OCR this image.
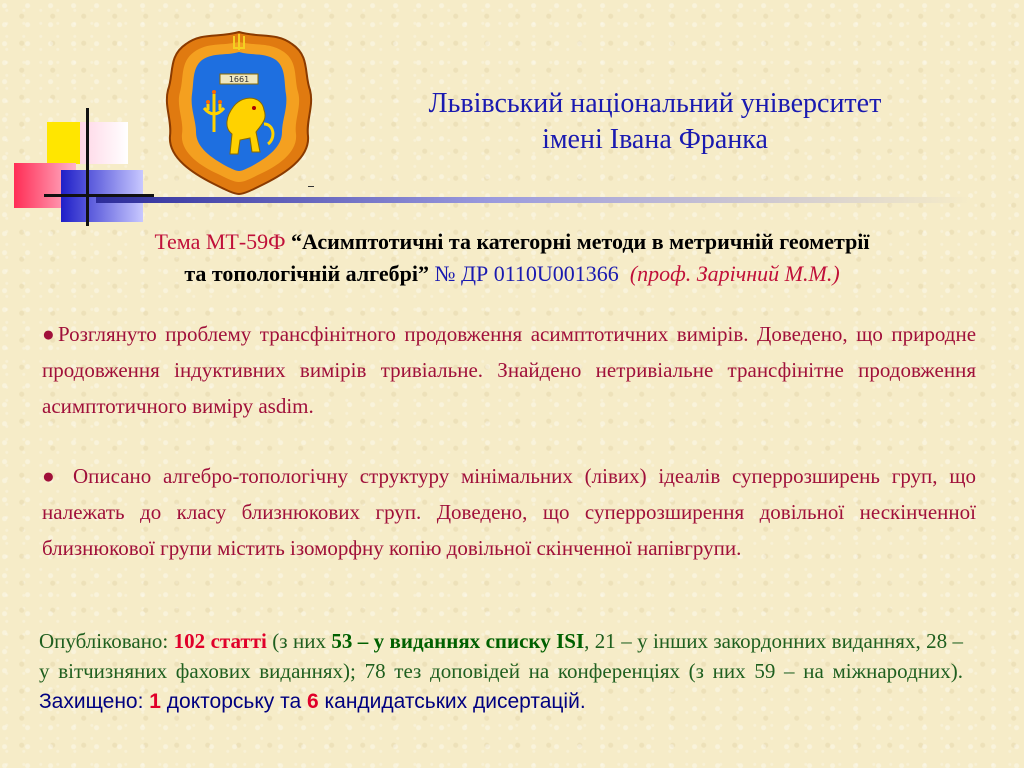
1661
Львівський національний університет
імені Івана Франка
Тема МТ-59Ф “Асимптотичні та категорні методи в метричній геометрії
та топологічній алгебрі” № ДР 0110U001366 (проф. Зарічний М.М.)
●Розглянуто проблему трансфінітного продовження асимптотичних вимірів. Доведено, що природне продовження індуктивних вимірів тривіальне. Знайдено нетривіальне трансфінітне продовження асимптотичного виміру asdim.
● Описано алгебро-топологічну структуру мінімальних (лівих) ідеалів суперрозширень груп, що належать до класу близнюкових груп. Доведено, що суперрозширення довільної нескінченної близнюкової групи містить ізоморфну копію довільної скінченної напівгрупи.
Опубліковано: 102 статті (з них 53 – у виданнях списку ISI, 21 – у інших закордонних виданнях, 28 – у вітчизняних фахових виданнях); 78 тез доповідей на конференціях (з них 59 – на міжнародних). Захищено: 1 докторську та 6 кандидатських дисертацій.
